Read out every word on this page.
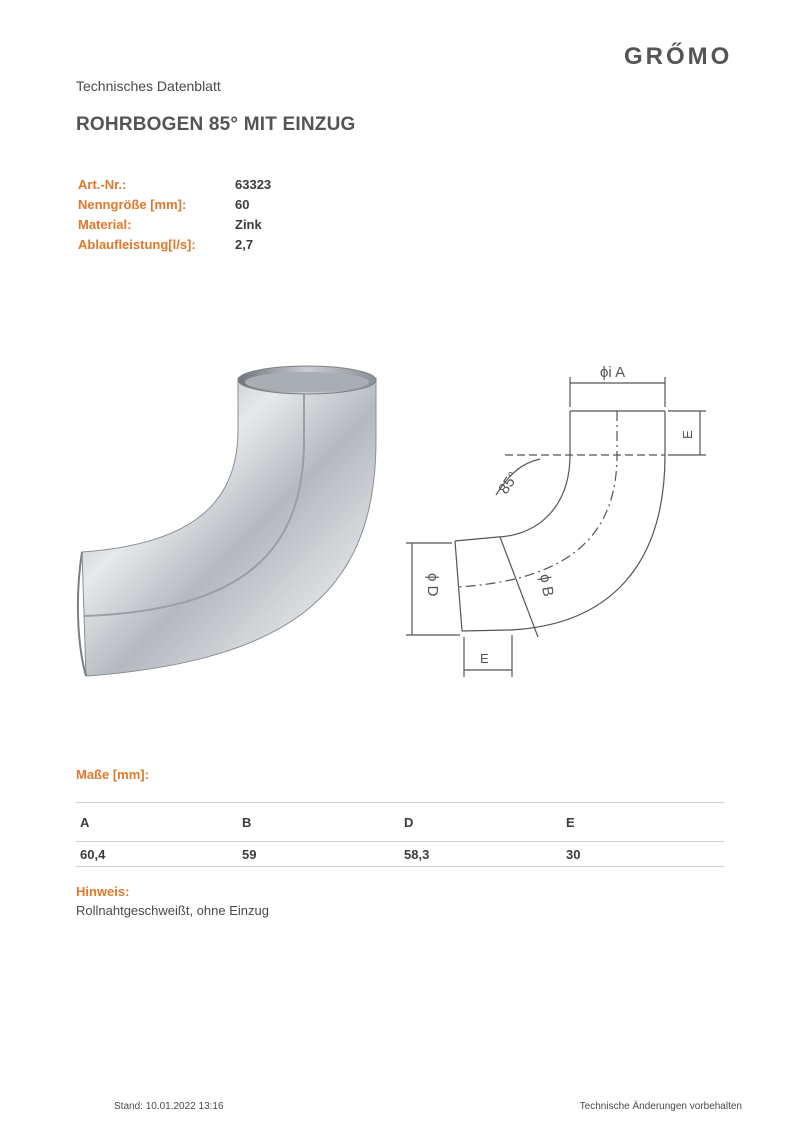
GRŐMO
Technisches Datenblatt
ROHRBOGEN 85° MIT EINZUG
Art.-Nr.:	63323
Nenngröße [mm]:	60
Material:	Zink
Ablaufleistung[l/s]:	2,7
ϕi A
E
85°
ϕ D	ϕ B
E
Maße [mm]:
A	B	D	E
60,4	59	58,3	30
Hinweis:
Rollnahtgeschweißt, ohne Einzug
Stand: 10.01.2022 13:16	Technische Änderungen vorbehalten
